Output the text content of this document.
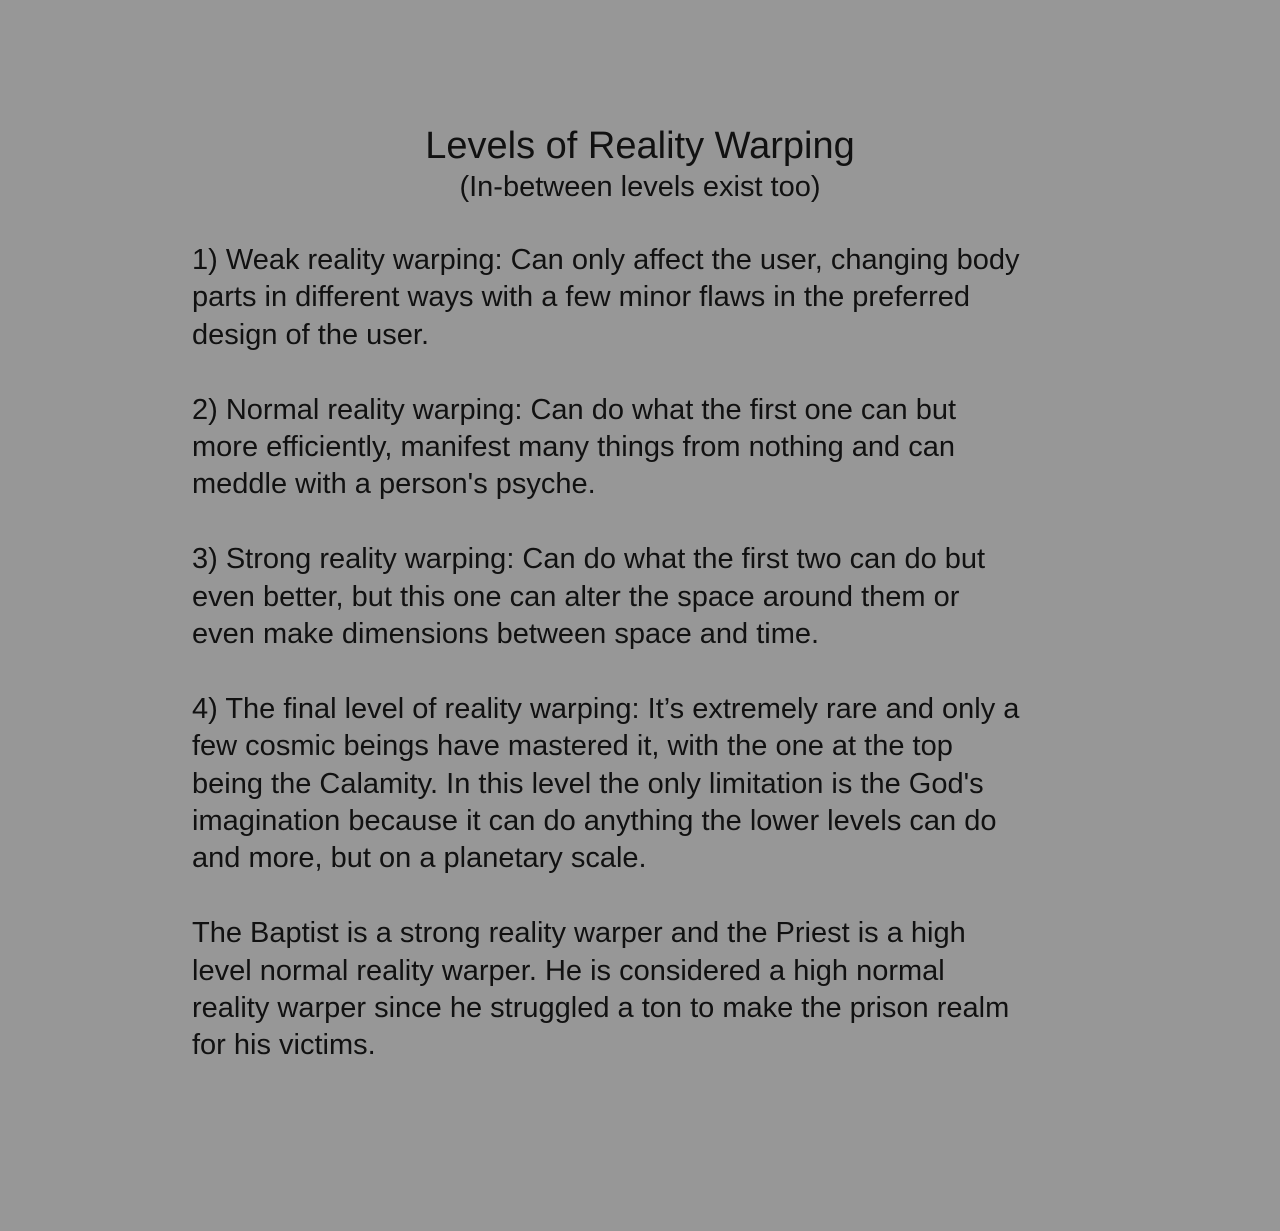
Levels of Reality Warping

(In-between levels exist too)

1) Weak reality warping: Can only affect the user, changing body
parts in different ways with a few minor flaws in the preferred
design of the user.

2) Normal reality warping: Can do what the first one can but
more efficiently, manifest many things from nothing and can
meddle with a person's psyche.

3) Strong reality warping: Can do what the first two can do but
even better, but this one can alter the space around them or
even make dimensions between space and time.

4) The final level of reality warping: It’s extremely rare and only a
few cosmic beings have mastered it, with the one at the top
being the Calamity. In this level the only limitation is the God's
imagination because it can do anything the lower levels can do
and more, but on a planetary scale.

The Baptist is a strong reality warper and the Priest is a high
level normal reality warper. He is considered a high normal
reality warper since he struggled a ton to make the prison realm
for his victims.
